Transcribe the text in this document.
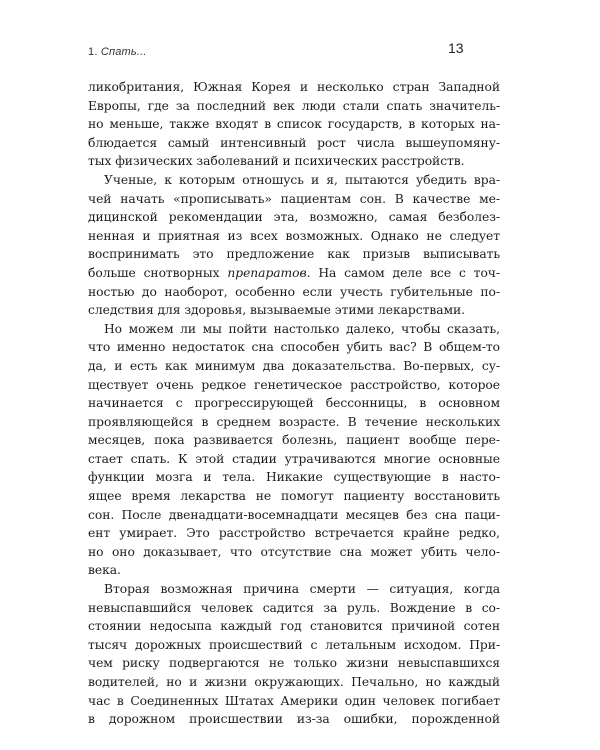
1. Спать...	13
ликобритания, Южная Корея и несколько стран Западной
Европы, где за последний век люди стали спать значитель-
но меньше, также входят в список государств, в которых на-
блюдается самый интенсивный рост числа вышеупомяну-
тых физических заболеваний и психических расстройств.
Ученые, к которым отношусь и я, пытаются убедить вра-
чей начать «прописывать» пациентам сон. В качестве ме-
дицинской рекомендации эта, возможно, самая безболез-
ненная и приятная из всех возможных. Однако не следует
воспринимать это предложение как призыв выписывать
больше снотворных препаратов. На самом деле все с точ-
ностью до наоборот, особенно если учесть губительные по-
следствия для здоровья, вызываемые этими лекарствами.
Но можем ли мы пойти настолько далеко, чтобы сказать,
что именно недостаток сна способен убить вас? В общем-то
да, и есть как минимум два доказательства. Во-первых, су-
ществует очень редкое генетическое расстройство, которое
начинается с прогрессирующей бессонницы, в основном
проявляющейся в среднем возрасте. В течение нескольких
месяцев, пока развивается болезнь, пациент вообще пере-
стает спать. К этой стадии утрачиваются многие основные
функции мозга и тела. Никакие существующие в насто-
ящее время лекарства не помогут пациенту восстановить
сон. После двенадцати-восемнадцати месяцев без сна паци-
ент умирает. Это расстройство встречается крайне редко,
но оно доказывает, что отсутствие сна может убить чело-
века.
Вторая возможная причина смерти — ситуация, когда
невыспавшийся человек садится за руль. Вождение в со-
стоянии недосыпа каждый год становится причиной сотен
тысяч дорожных происшествий с летальным исходом. При-
чем риску подвергаются не только жизни невыспавшихся
водителей, но и жизни окружающих. Печально, но каждый
час в Соединенных Штатах Америки один человек погибает
в дорожном происшествии из-за ошибки, порожденной
